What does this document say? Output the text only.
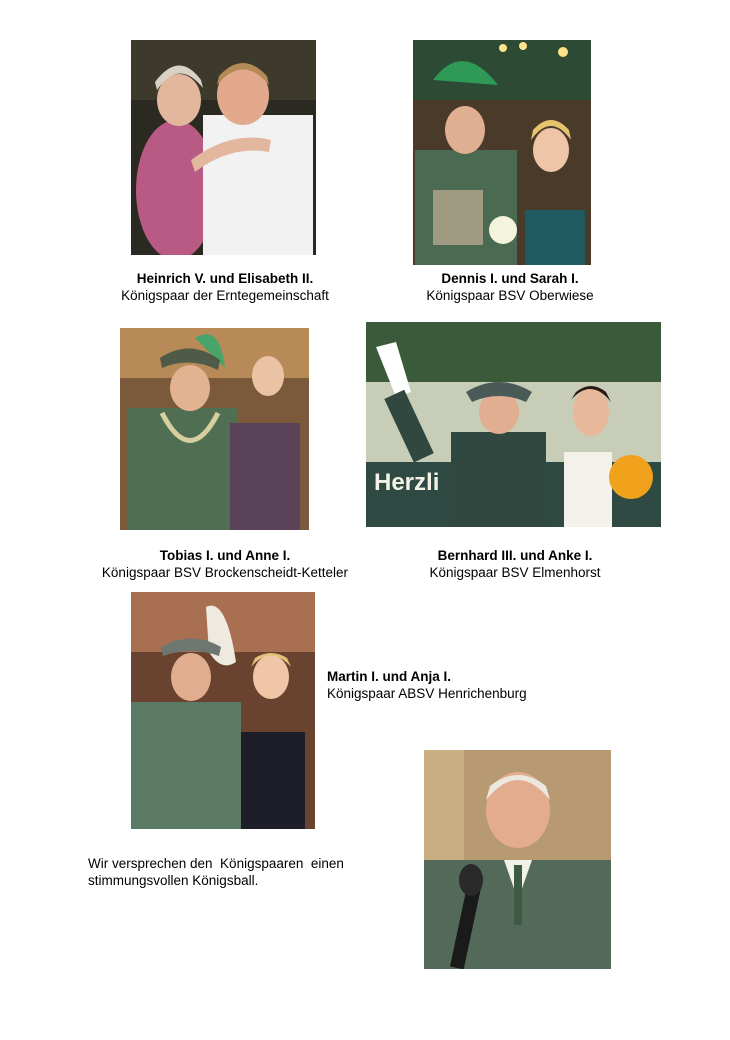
Heinrich V. und Elisabeth II.
Königspaar der Erntegemeinschaft
Dennis I. und Sarah I.
Königspaar BSV Oberwiese
Herzli
Tobias I. und Anne I.
Königspaar BSV Brockenscheidt-Ketteler
Bernhard III. und Anke I.
Königspaar BSV Elmenhorst
Martin I. und Anja I.
Königspaar ABSV Henrichenburg
Wir versprechen den  Königspaaren  einen
stimmungsvollen Königsball.
